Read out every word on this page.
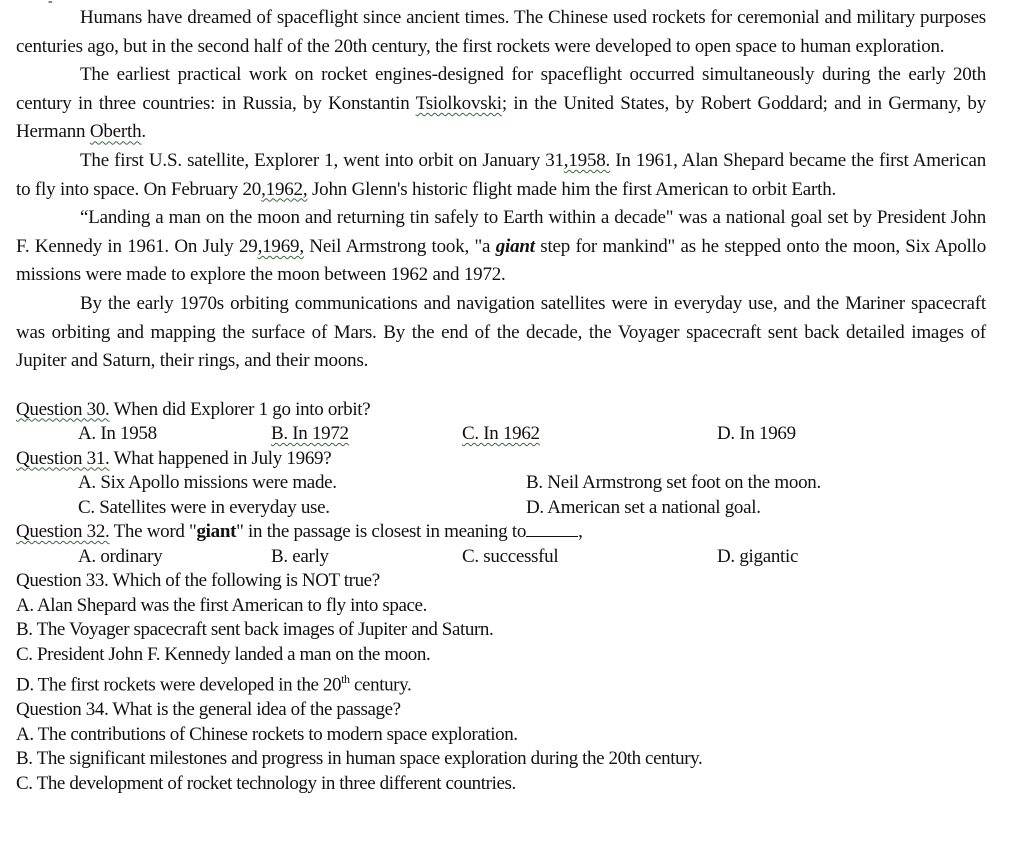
-

Humans have dreamed of spaceflight since ancient times. The Chinese used rockets for ceremonial and military purposes centuries ago, but in the second half of the 20th century, the first rockets were developed to open space to human exploration.

The earliest practical work on rocket engines-designed for spaceflight occurred simultaneously during the early 20th century in three countries: in Russia, by Konstantin Tsiolkovski; in the United States, by Robert Goddard; and in Germany, by Hermann Oberth.

The first U.S. satellite, Explorer 1, went into orbit on January 31,1958. In 1961, Alan Shepard became the first American to fly into space. On February 20,1962, John Glenn's historic flight made him the first American to orbit Earth.

“Landing a man on the moon and returning tin safely to Earth within a decade" was a national goal set by President John F. Kennedy in 1961. On July 29,1969, Neil Armstrong took, "a giant step for mankind" as he stepped onto the moon, Six Apollo missions were made to explore the moon between 1962 and 1972.

By the early 1970s orbiting communications and navigation satellites were in everyday use, and the Mariner spacecraft was orbiting and mapping the surface of Mars. By the end of the decade, the Voyager spacecraft sent back detailed images of Jupiter and Saturn, their rings, and their moons.

Question 30. When did Explorer 1 go into orbit?

A. In 1958	B. In 1972	C. In 1962	D. In 1969

Question 31. What happened in July 1969?

A. Six Apollo missions were made.	B. Neil Armstrong set foot on the moon.
C. Satellites were in everyday use.	D. American set a national goal.

Question 32. The word "giant" in the passage is closest in meaning to	,

A. ordinary	B. early	C. successful	D. gigantic

Question 33. Which of the following is NOT true?

A. Alan Shepard was the first American to fly into space.

B. The Voyager spacecraft sent back images of Jupiter and Saturn.

C. President John F. Kennedy landed a man on the moon.

D. The first rockets were developed in the 20th century.

Question 34. What is the general idea of the passage?

A. The contributions of Chinese rockets to modern space exploration.

B. The significant milestones and progress in human space exploration during the 20th century.

C. The development of rocket technology in three different countries.
